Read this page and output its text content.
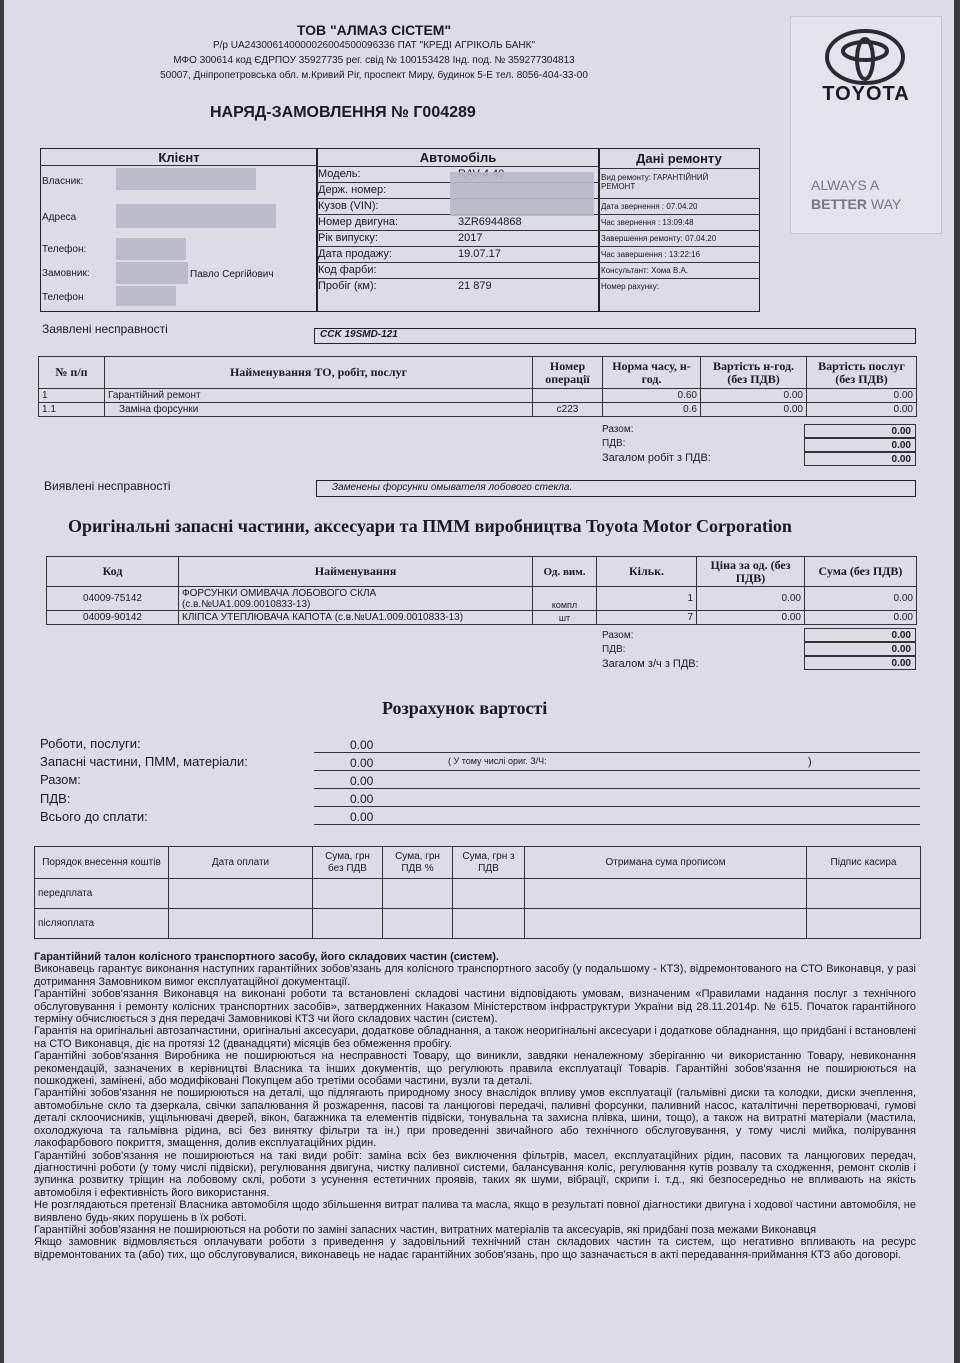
ТОВ "АЛМАЗ СІСТЕМ"
Р/р UA243006140000026004500096336 ПАТ "КРЕДІ АГРІКОЛЬ БАНК"
МФО 300614 код ЄДРПОУ 35927735 рег. свід № 100153428 Інд. под. № 359277304813
50007, Дніпропетровська обл. м.Кривий Ріг, проспект Миру, будинок 5-Е тел. 8056-404-33-00
TOYOTA
ALWAYS A
BETTER WAY
НАРЯД-ЗАМОВЛЕННЯ № Г004289
Клієнт
Власник:
Адреса
Телефон:
Замовник:	Павло Сергійович
Телефон
Автомобіль
Модель:
Держ. номер:
Кузов (VIN):
Номер двигуна:	3ZR6944868
Рік випуску:	2017
Дата продажу:	19.07.17
Код фарби:
Пробіг (км):	21 879
Дані ремонту
Вид ремонту: ГАРАНТІЙНИЙ
РЕМОНТ
Дата звернення : 07.04.20
Час звернення : 13:09:48
Завершення ремонту: 07.04.20
Час завершення : 13:22:16
Консультант: Хома В.А.
Номер рахунку:
Заявлені несправності	CCK 19SMD-121
№ п/п	Найменування ТО, робіт, послуг	Номер операції	Норма часу, н-год.	Вартість н-год. (без ПДВ)	Вартість послуг (без ПДВ)
1	Гарантійний ремонт		0.60	0.00	0.00
1.1	Заміна форсунки	c223	0.6	0.00	0.00
Разом:	0.00
ПДВ:	0.00
Загалом робіт з ПДВ:	0.00
Виявлені несправності	Заменены форсунки омывателя лобового стекла.
Оригінальні запасні частини, аксесуари та ПММ виробництва Toyota Motor Corporation
Код	Найменування	Од. вим.	Кільк.	Ціна за од. (без ПДВ)	Сума (без ПДВ)
04009-75142	ФОРСУНКИ ОМИВАЧА ЛОБОВОГО СКЛА
(с.в.№UA1.009.0010833-13)	компл	1	0.00	0.00
04009-90142	КЛІПСА УТЕПЛЮВАЧА КАПОТА (с.в.№UA1.009.0010833-13)	шт	7	0.00	0.00
Разом:	0.00
ПДВ:	0.00
Загалом з/ч з ПДВ:	0.00
Розрахунок вартості
Роботи, послуги:	0.00
Запасні частини, ПММ, матеріали:	0.00	( У тому числі ориг. З/Ч:	)
Разом:	0.00
ПДВ:	0.00
Всього до сплати:	0.00
Порядок внесення коштів	Дата оплати	Сума, грн без ПДВ	Сума, грн ПДВ %	Сума, грн з ПДВ	Отримана сума прописом	Підпис касира
передплата						
післяоплата						

Гарантійний талон колісного транспортного засобу, його складових частин (систем).

Виконавець гарантує виконання наступних гарантійних зобов'язань для колісного транспортного засобу (у подальшому - КТЗ), відремонтованого на СТО Виконавця, у разі дотримання Замовником вимог експлуатаційної документації.

Гарантійні зобов'язання Виконавця на виконані роботи та встановлені складові частини відповідають умовам, визначеним «Правилами надання послуг з технічного обслуговування і ремонту колісних транспортних засобів», затвердженних Наказом Міністерством інфраструктури України від 28.11.2014р. № 615. Початок гарантійного терміну обчислюється з дня передачі Замовникові КТЗ чи його складових частин (систем).

Гарантія на оригінальні автозапчастини, оригінальні аксесуари, додаткове обладнання, а також неоригінальні аксесуари і додаткове обладнання, що придбані і встановлені на СТО Виконавця, діє на протязі 12 (дванадцяти) місяців без обмеження пробігу.

Гарантійні зобов'язання Виробника не поширюються на несправності Товару, що виникли, завдяки неналежному зберіганню чи використанню Товару, невиконання рекомендацій, зазначених в керівництві Власника та інших документів, що регулюють правила експлуатації Товарів. Гарантійні зобов'язання не поширюються на пошкоджені, замінені, або модифіковані Покупцем або третіми особами частини, вузли та деталі.

Гарантійні зобов'язання не поширюються на деталі, що підлягають природному зносу внаслідок впливу умов експлуатації (гальмівні диски та колодки, диски зчеплення, автомобільне скло та дзеркала, свічки запалювання й розжарення, пасові та ланцюгові передачі, паливні форсунки, паливний насос, каталітичні перетворювачі, гумові деталі склоочисників, ущільнювачі дверей, вікон, багажника та елементів підвіски, тонувальна та захисна плівка, шини, тощо), а також на витратні матеріали (мастила, охолоджуюча та гальмівна рідина, всі без винятку фільтри та ін.) при проведенні звичайного або технічного обслуговування, у тому числі мийка, полірування лакофарбового покриття, змащення, долив експлуатаційних рідин.

Гарантійні зобов'язання не поширюються на такі види робіт: заміна всіх без виключення фільтрів, масел, експлуатаційних рідин, пасових та ланцюгових передач, діагностичні роботи (у тому числі підвіски), регулювання двигуна, чистку паливної системи, балансування коліс, регулювання кутів розвалу та сходження, ремонт сколів і зупинка розвитку тріщин на лобовому склі, роботи з усунення естетичних проявів, таких як шуми, вібрації, скрипи і. т.д., які безпосередньо не впливають на якість автомобіля і ефективність його використання.

Не розглядаються претензії Власника автомобіля щодо збільшення витрат палива та масла, якщо в результаті повної діагностики двигуна і ходової частини автомобіля, не виявлено будь-яких порушень в їх роботі.

Гарантійні зобов'язання не поширюються на роботи по заміні запасних частин, витратних матеріалів та аксесуарів, які придбані поза межами Виконавця

Якщо замовник відмовляється оплачувати роботи з приведення у задовільний технічний стан складових частин та систем, що негативно впливають на ресурс відремонтованих та (або) тих, що обслуговувалися, виконавець не надає гарантійних зобов'язань, про що зазначається в акті передавання-приймання КТЗ або договорі.
